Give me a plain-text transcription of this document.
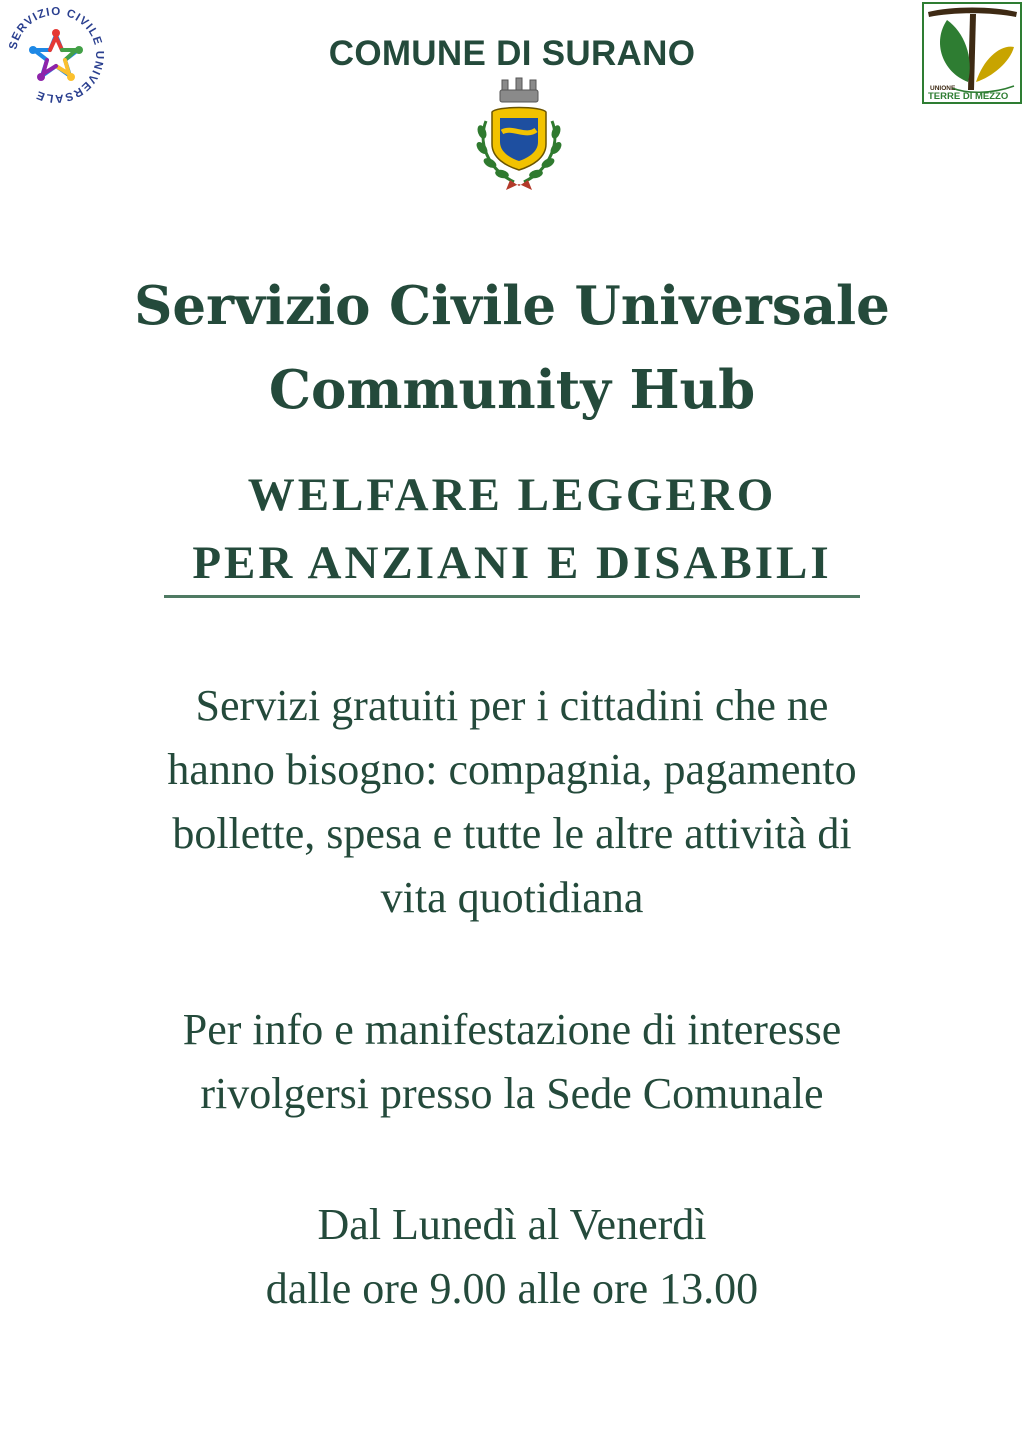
SERVIZIO CIVILE UNIVERSALE
COMUNE DI SURANO
UNIONE
TERRE DI MEZZO
Servizio Civile Universale
Community Hub
WELFARE LEGGERO
PER ANZIANI E DISABILI
Servizi gratuiti per i cittadini che ne
hanno bisogno: compagnia, pagamento
bollette, spesa e tutte le altre attività di
vita quotidiana
Per info e manifestazione di interesse
rivolgersi presso la Sede Comunale
Dal Lunedì al Venerdì
dalle ore 9.00 alle ore 13.00
